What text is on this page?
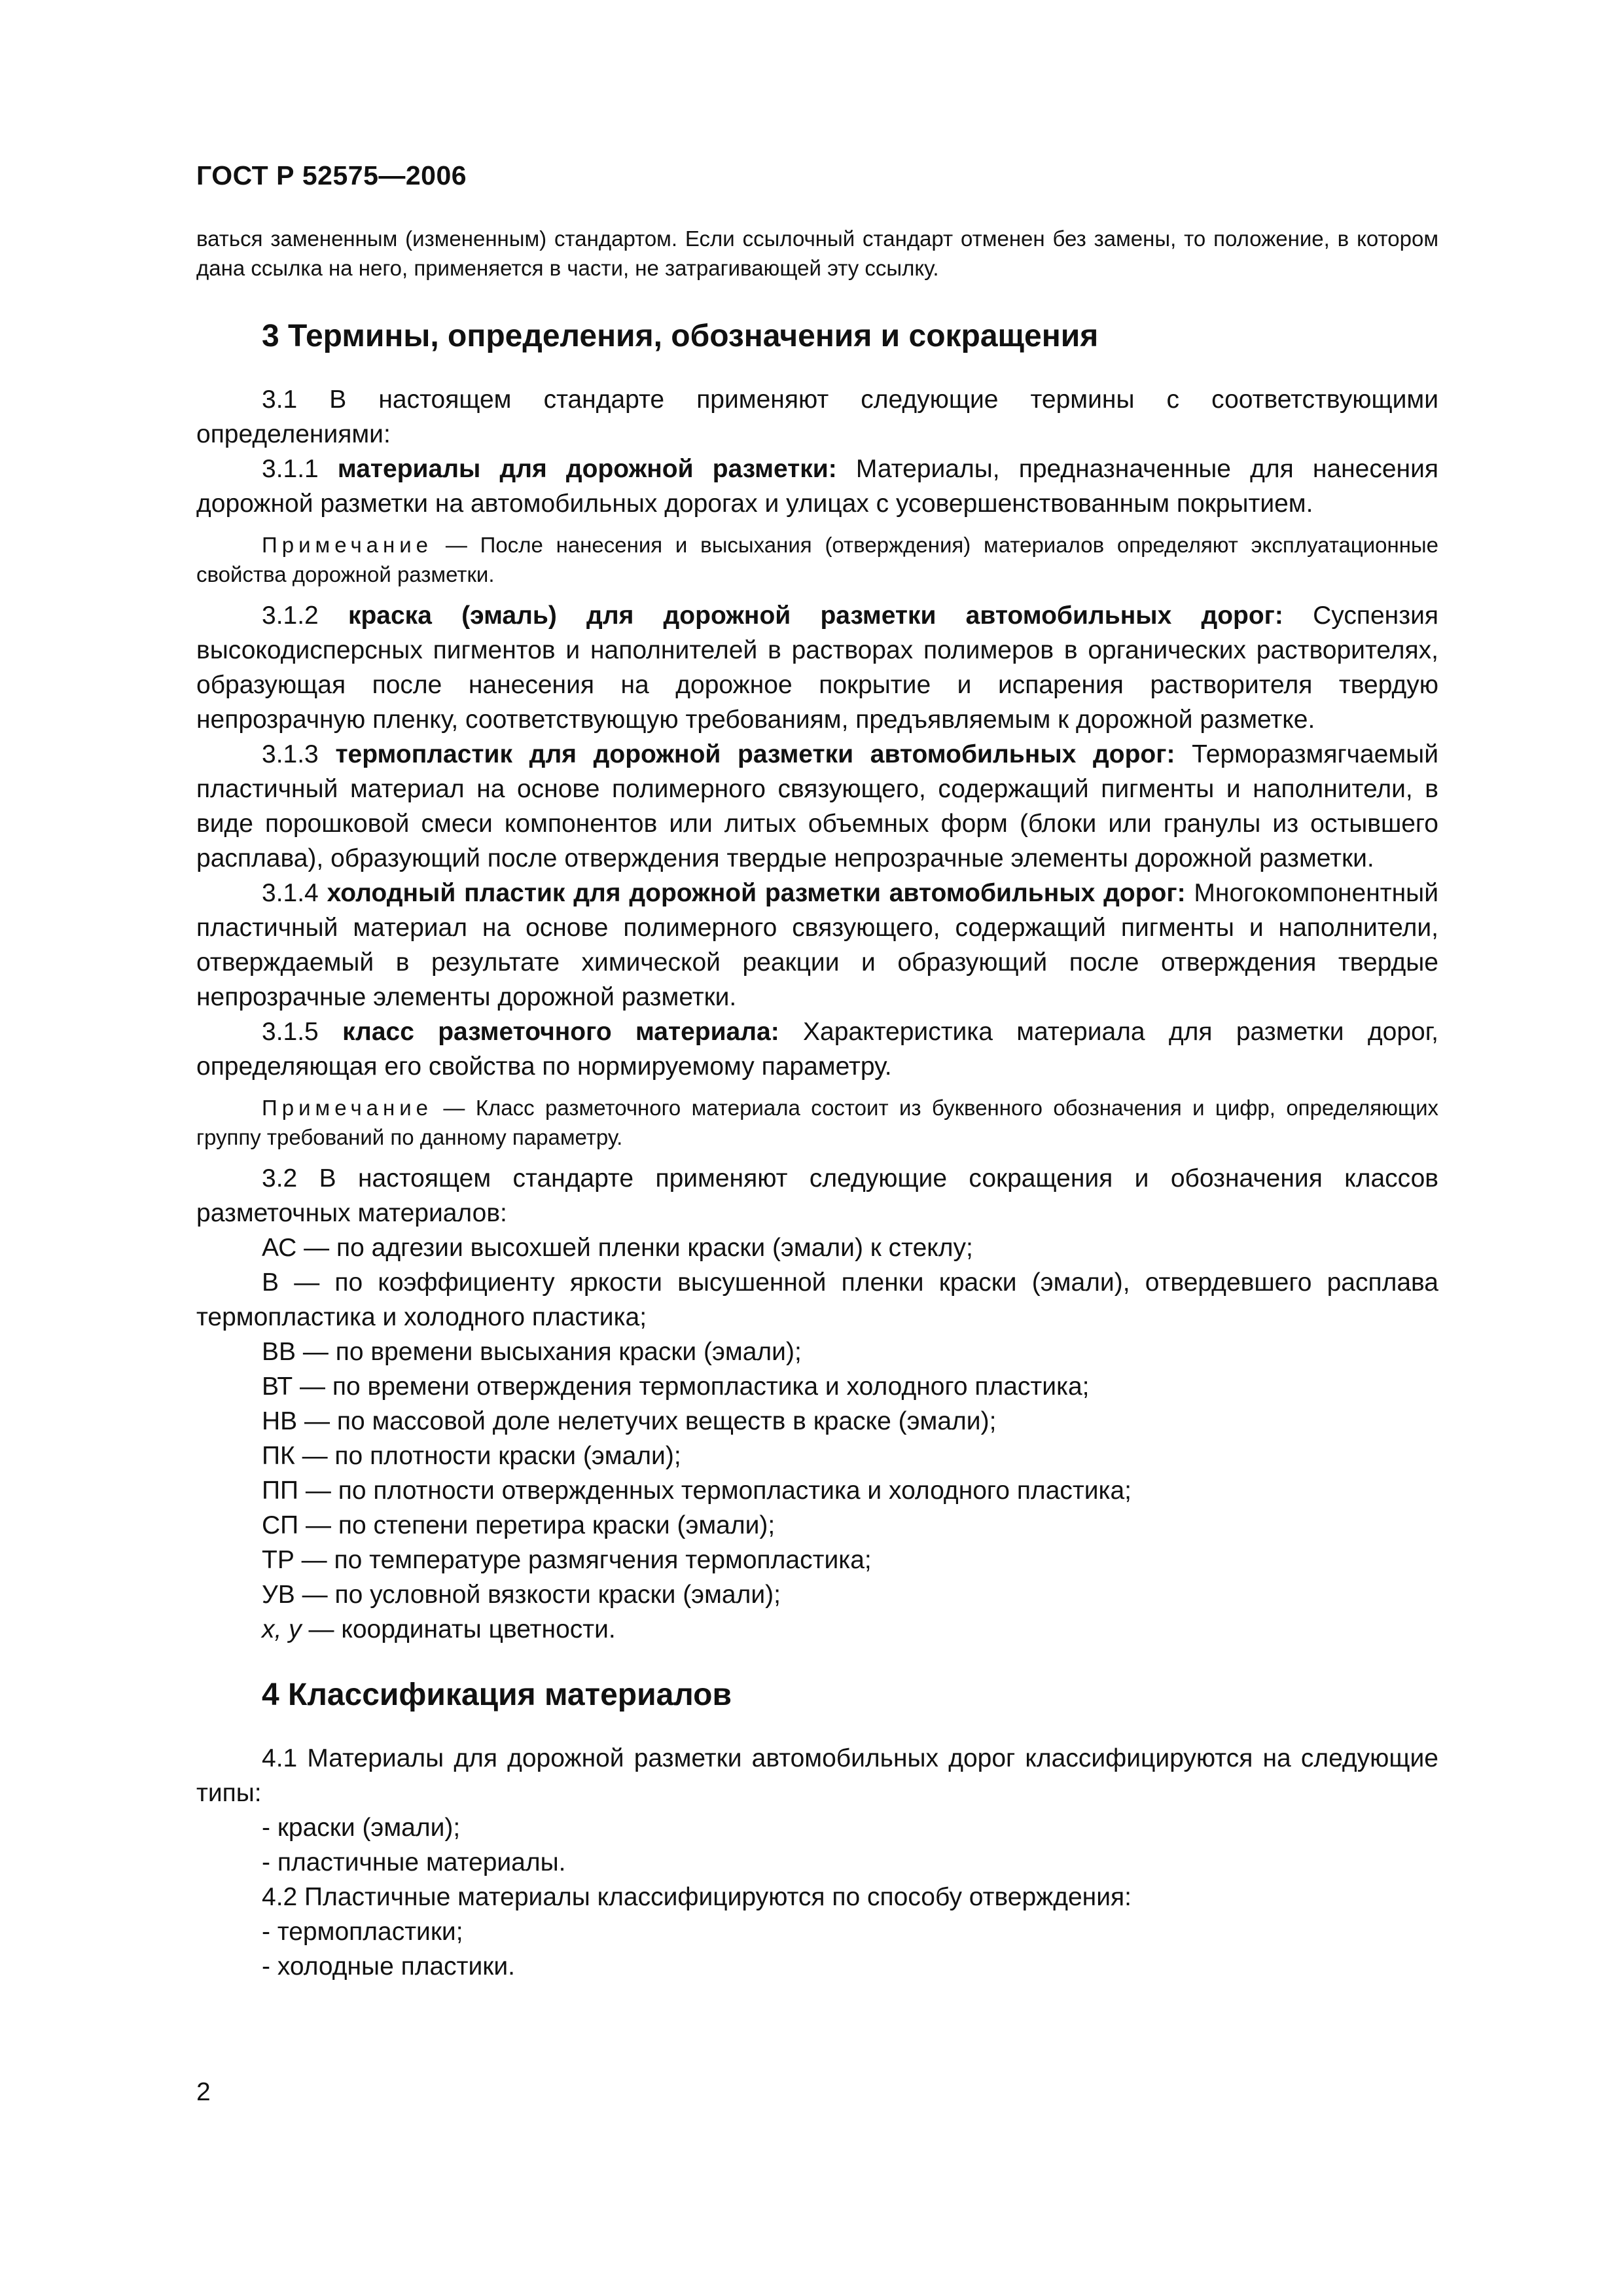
ГОСТ Р 52575—2006

ваться замененным (измененным) стандартом. Если ссылочный стандарт отменен без замены, то положение, в котором дана ссылка на него, применяется в части, не затрагивающей эту ссылку.

3 Термины, определения, обозначения и сокращения

3.1 В настоящем стандарте применяют следующие термины с соответствующими определениями:

3.1.1 материалы для дорожной разметки: Материалы, предназначенные для нанесения дорожной разметки на автомобильных дорогах и улицах с усовершенствованным покрытием.

Примечание — После нанесения и высыхания (отверждения) материалов определяют эксплуатационные свойства дорожной разметки.

3.1.2 краска (эмаль) для дорожной разметки автомобильных дорог: Суспензия высокодисперсных пигментов и наполнителей в растворах полимеров в органических растворителях, образующая после нанесения на дорожное покрытие и испарения растворителя твердую непрозрачную пленку, соответствующую требованиям, предъявляемым к дорожной разметке.

3.1.3 термопластик для дорожной разметки автомобильных дорог: Термоpазмягчаемый пластичный материал на основе полимерного связующего, содержащий пигменты и наполнители, в виде порошковой смеси компонентов или литых объемных форм (блоки или гранулы из остывшего расплава), образующий после отверждения твердые непрозрачные элементы дорожной разметки.

3.1.4 холодный пластик для дорожной разметки автомобильных дорог: Многокомпонентный пластичный материал на основе полимерного связующего, содержащий пигменты и наполнители, отверждаемый в результате химической реакции и образующий после отверждения твердые непрозрачные элементы дорожной разметки.

3.1.5 класс разметочного материала: Характеристика материала для разметки дорог, определяющая его свойства по нормируемому параметру.

Примечание — Класс разметочного материала состоит из буквенного обозначения и цифр, определяющих группу требований по данному параметру.

3.2 В настоящем стандарте применяют следующие сокращения и обозначения классов разметочных материалов:

АС — по адгезии высохшей пленки краски (эмали) к стеклу;

В — по коэффициенту яркости высушенной пленки краски (эмали), отвердевшего расплава термопластика и холодного пластика;

ВВ — по времени высыхания краски (эмали);

ВТ — по времени отверждения термопластика и холодного пластика;

НВ — по массовой доле нелетучих веществ в краске (эмали);

ПК — по плотности краски (эмали);

ПП — по плотности отвержденных термопластика и холодного пластика;

СП — по степени перетира краски (эмали);

ТР — по температуре размягчения термопластика;

УВ — по условной вязкости краски (эмали);

x, y — координаты цветности.

4 Классификация материалов

4.1 Материалы для дорожной разметки автомобильных дорог классифицируются на следующие типы:

- краски (эмали);

- пластичные материалы.

4.2 Пластичные материалы классифицируются по способу отверждения:

- термопластики;

- холодные пластики.

2
